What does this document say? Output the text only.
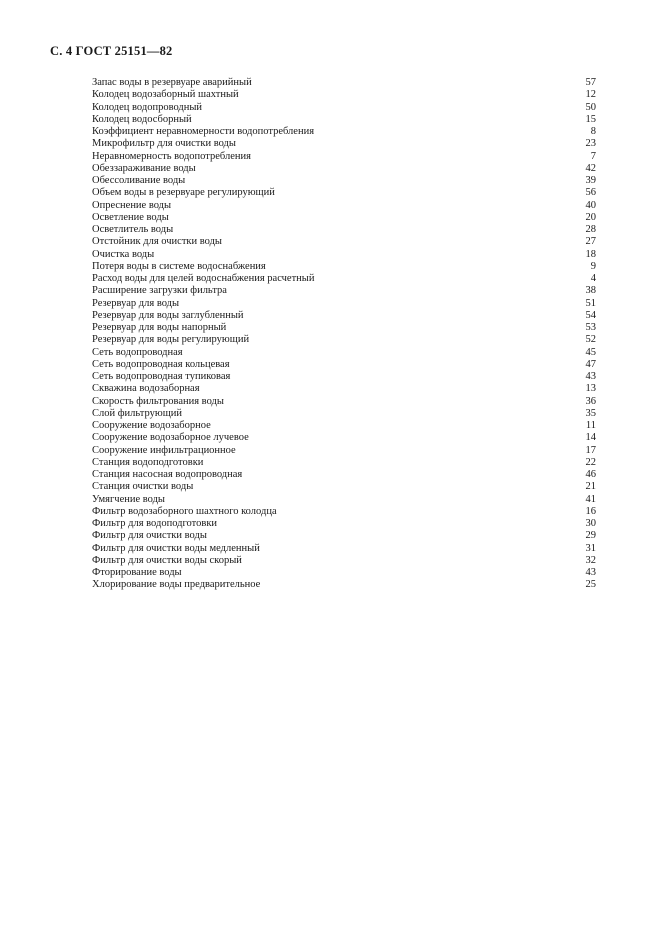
С. 4 ГОСТ 25151—82
Запас воды в резервуаре аварийный	57
Колодец водозаборный шахтный	12
Колодец водопроводный	50
Колодец водосборный	15
Коэффициент неравномерности водопотребления	8
Микрофильтр для очистки воды	23
Неравномерность водопотребления	7
Обеззараживание воды	42
Обессоливание воды	39
Объем воды в резервуаре регулирующий	56
Опреснение воды	40
Осветление воды	20
Осветлитель воды	28
Отстойник для очистки воды	27
Очистка воды	18
Потеря воды в системе водоснабжения	9
Расход воды для целей водоснабжения расчетный	4
Расширение загрузки фильтра	38
Резервуар для воды	51
Резервуар для воды заглубленный	54
Резервуар для воды напорный	53
Резервуар для воды регулирующий	52
Сеть водопроводная	45
Сеть водопроводная кольцевая	47
Сеть водопроводная тупиковая	43
Скважина водозаборная	13
Скорость фильтрования воды	36
Слой фильтрующий	35
Сооружение водозаборное	11
Сооружение водозаборное лучевое	14
Сооружение инфильтрационное	17
Станция водоподготовки	22
Станция насосная водопроводная	46
Станция очистки воды	21
Умягчение воды	41
Фильтр водозаборного шахтного колодца	16
Фильтр для водоподготовки	30
Фильтр для очистки воды	29
Фильтр для очистки воды медленный	31
Фильтр для очистки воды скорый	32
Фторирование воды	43
Хлорирование воды предварительное	25
